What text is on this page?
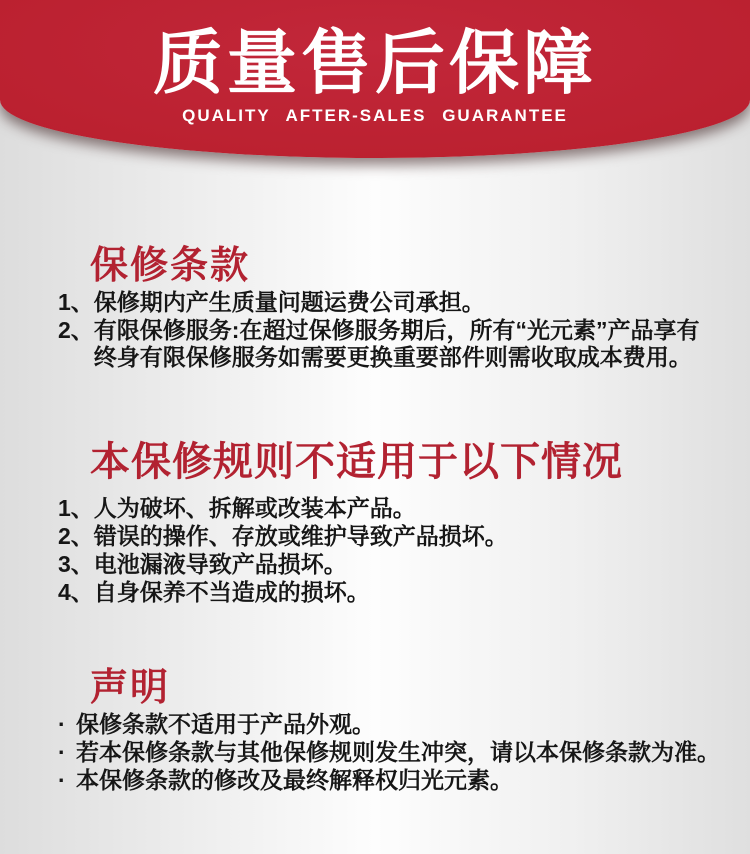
质量售后保障
QUALITY AFTER-SALES GUARANTEE
保修条款
1、 保修期内产生质量问题运费公司承担。
2、 有限保修服务:在超过保修服务期后，所有“光元素”产品享有
终身有限保修服务如需要更换重要部件则需收取成本费用。
本保修规则不适用于以下情况
1、 人为破坏、拆解或改装本产品。
2、 错误的操作、存放或维护导致产品损坏。
3、 电池漏液导致产品损坏。
4、 自身保养不当造成的损坏。
声明
· 保修条款不适用于产品外观。
· 若本保修条款与其他保修规则发生冲突，请以本保修条款为准。
· 本保修条款的修改及最终解释权归光元素。
